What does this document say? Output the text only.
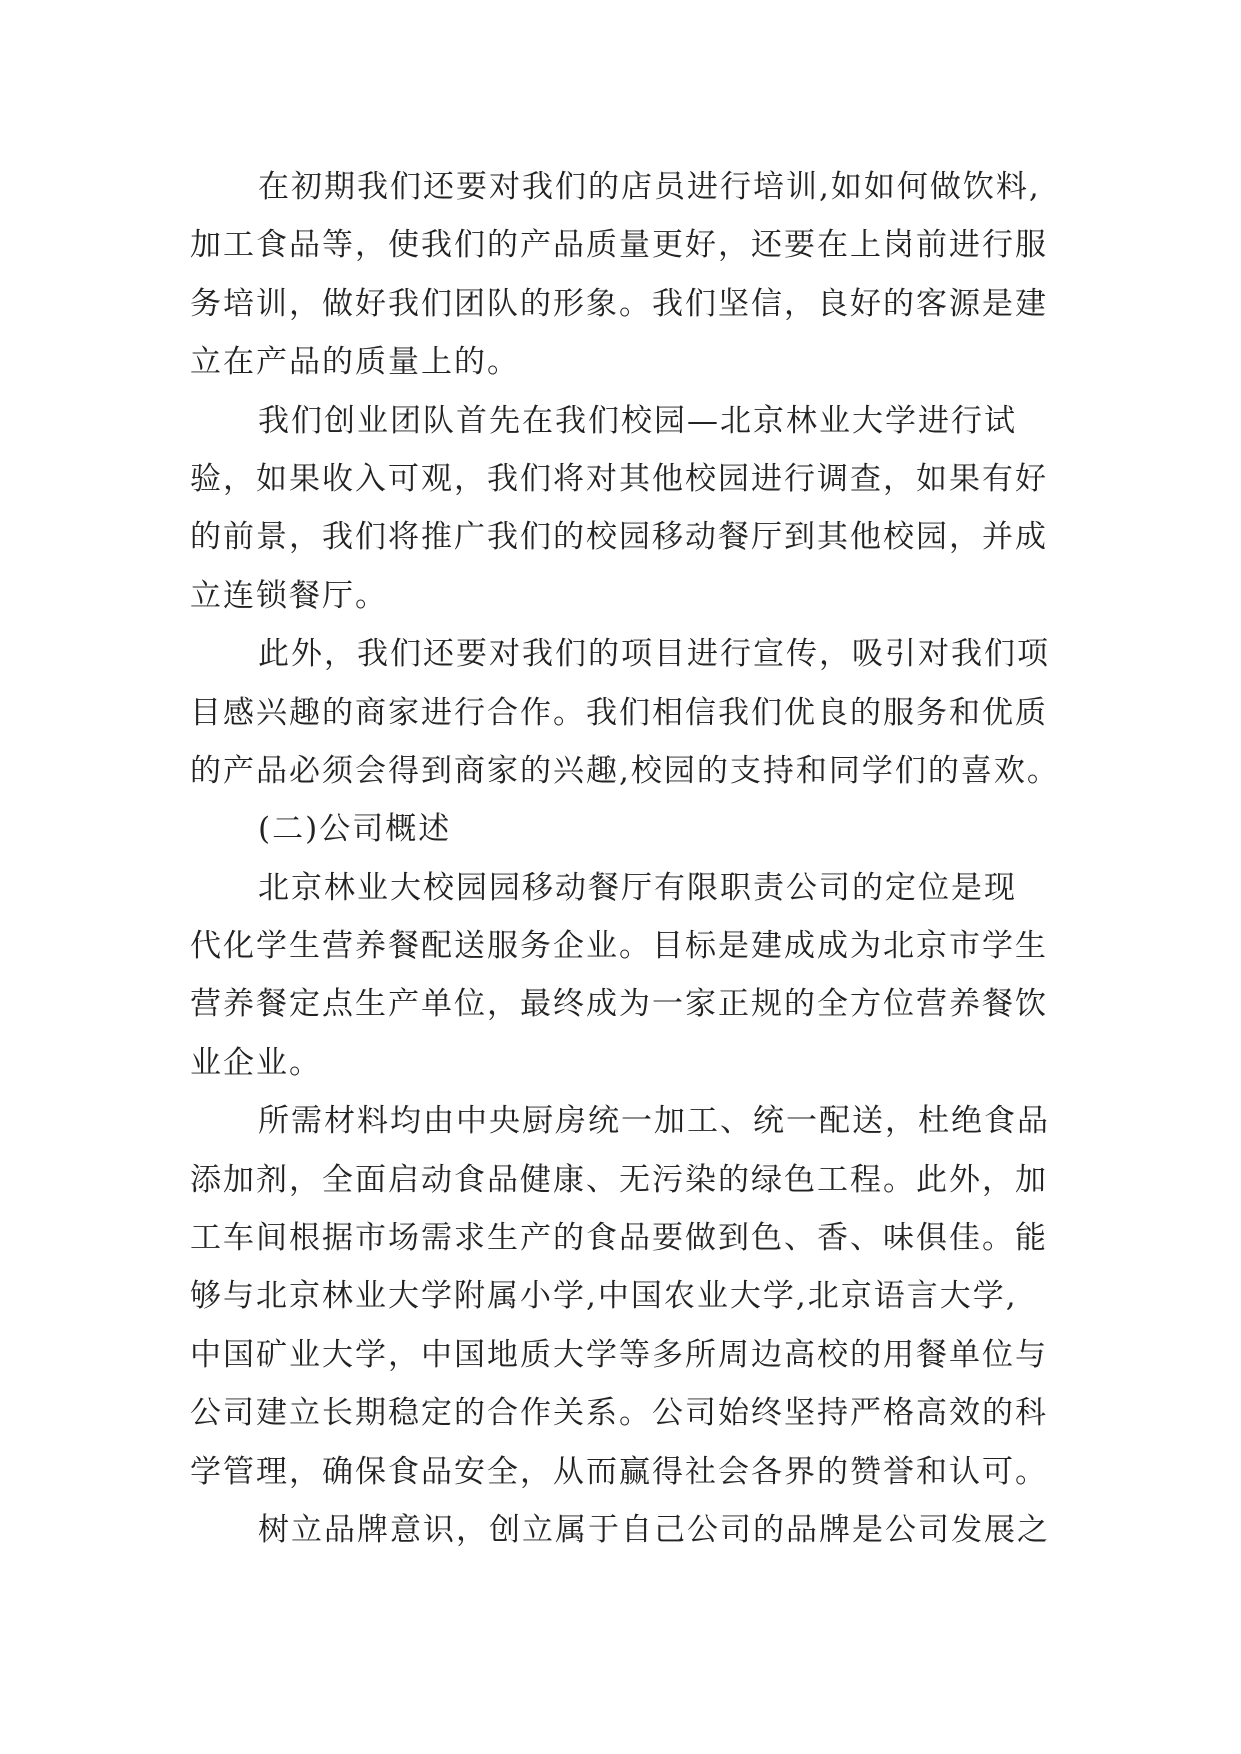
在初期我们还要对我们的店员进行培训,如如何做饮料,
加工食品等，使我们的产品质量更好，还要在上岗前进行服
务培训，做好我们团队的形象。我们坚信，良好的客源是建
立在产品的质量上的。

我们创业团队首先在我们校园—北京林业大学进行试
验，如果收入可观，我们将对其他校园进行调查，如果有好
的前景，我们将推广我们的校园移动餐厅到其他校园，并成
立连锁餐厅。

此外，我们还要对我们的项目进行宣传，吸引对我们项
目感兴趣的商家进行合作。我们相信我们优良的服务和优质
的产品必须会得到商家的兴趣,校园的支持和同学们的喜欢。

(二)公司概述

北京林业大校园园移动餐厅有限职责公司的定位是现
代化学生营养餐配送服务企业。目标是建成成为北京市学生
营养餐定点生产单位，最终成为一家正规的全方位营养餐饮
业企业。

所需材料均由中央厨房统一加工、统一配送，杜绝食品
添加剂，全面启动食品健康、无污染的绿色工程。此外，加
工车间根据市场需求生产的食品要做到色、香、味俱佳。能
够与北京林业大学附属小学,中国农业大学,北京语言大学,
中国矿业大学，中国地质大学等多所周边高校的用餐单位与
公司建立长期稳定的合作关系。公司始终坚持严格高效的科
学管理，确保食品安全，从而赢得社会各界的赞誉和认可。

树立品牌意识，创立属于自己公司的品牌是公司发展之
